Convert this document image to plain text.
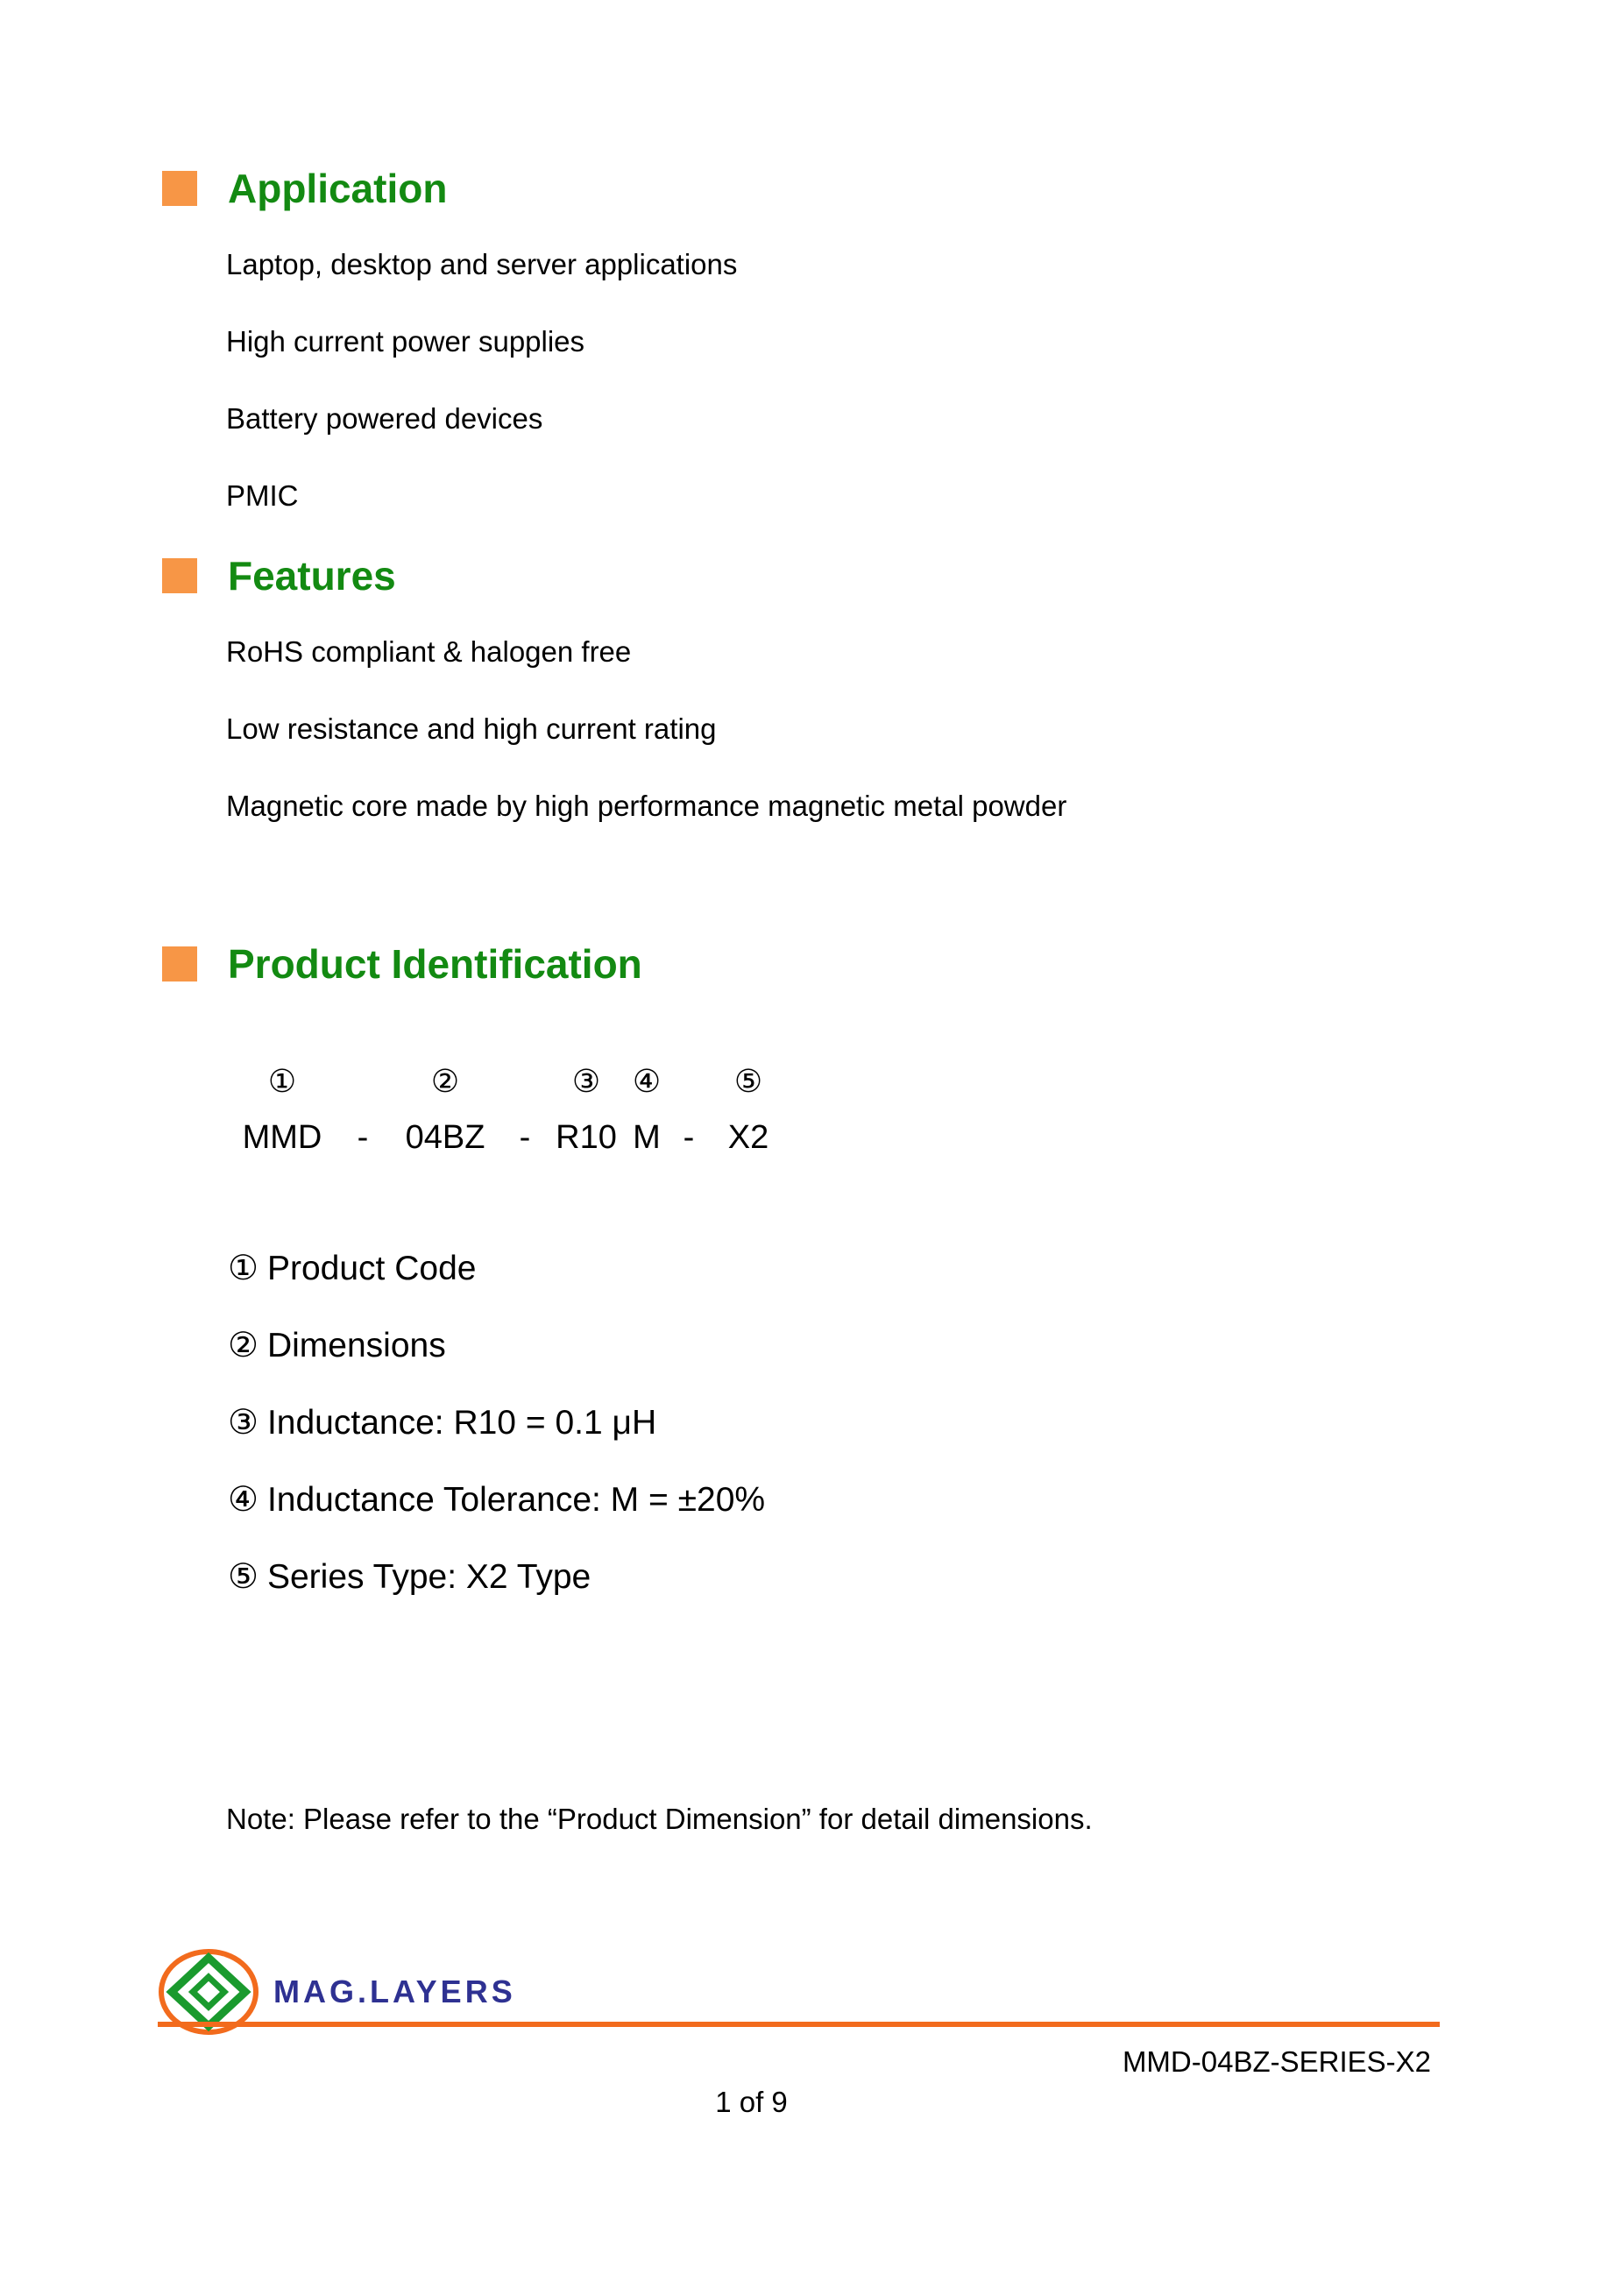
Application
Laptop, desktop and server applications
High current power supplies
Battery powered devices
PMIC
Features
RoHS compliant & halogen free
Low resistance and high current rating
Magnetic core made by high performance magnetic metal powder
Product Identification
①	②	③ ④ ⑤
MMD - 04BZ - R10 M - X2
① Product Code
② Dimensions
③ Inductance: R10 = 0.1 μH
④ Inductance Tolerance: M = ±20%
⑤ Series Type: X2 Type
Note: Please refer to the “Product Dimension” for detail dimensions.
MAG.LAYERS
MMD-04BZ-SERIES-X2
1 of 9
